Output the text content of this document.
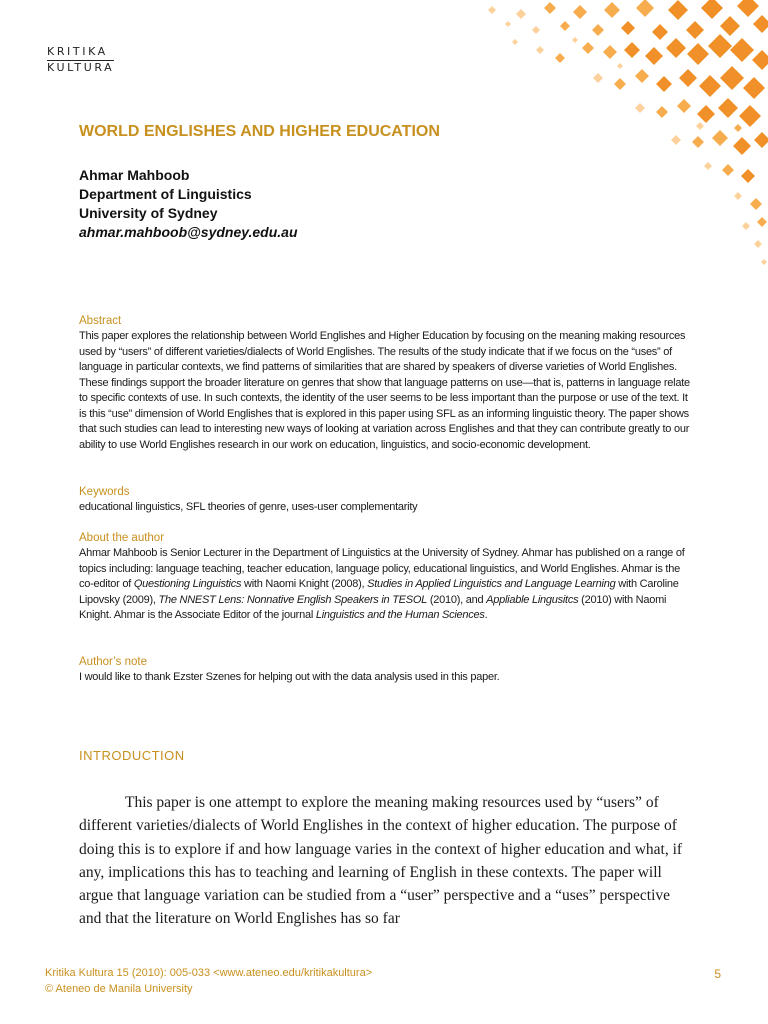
KRITIKA
KULTURA
WORLD ENGLISHES AND HIGHER EDUCATION
Ahmar Mahboob
Department of Linguistics
University of Sydney
ahmar.mahboob@sydney.edu.au
Abstract
This paper explores the relationship between World Englishes and Higher Education by focusing on the meaning making resources used by “users” of different varieties/dialects of World Englishes. The results of the study indicate that if we focus on the “uses” of language in particular contexts, we find patterns of similarities that are shared by speakers of diverse varieties of World Englishes. These findings support the broader literature on genres that show that language patterns on use—that is, patterns in language relate to specific contexts of use. In such contexts, the identity of the user seems to be less important than the purpose or use of the text. It is this “use” dimension of World Englishes that is explored in this paper using SFL as an informing linguistic theory. The paper shows that such studies can lead to interesting new ways of looking at variation across Englishes and that they can contribute greatly to our ability to use World Englishes research in our work on education, linguistics, and socio-economic development.
Keywords
educational linguistics, SFL theories of genre, uses-user complementarity
About the author
Ahmar Mahboob is Senior Lecturer in the Department of Linguistics at the University of Sydney. Ahmar has published on a range of topics including: language teaching, teacher education, language policy, educational linguistics, and World Englishes. Ahmar is the co-editor of Questioning Linguistics with Naomi Knight (2008), Studies in Applied Linguistics and Language Learning with Caroline Lipovsky (2009), The NNEST Lens: Nonnative English Speakers in TESOL (2010), and Appliable Lingusitcs (2010) with Naomi Knight. Ahmar is the Associate Editor of the journal Linguistics and the Human Sciences.
Author’s note
I would like to thank Ezster Szenes for helping out with the data analysis used in this paper.
INTRODUCTION

This paper is one attempt to explore the meaning making resources used by “users” of different varieties/dialects of World Englishes in the context of higher education. The purpose of doing this is to explore if and how language varies in the context of higher education and what, if any, implications this has to teaching and learning of English in these contexts. The paper will argue that language variation can be studied from a “user” perspective and a “uses” perspective and that the literature on World Englishes has so far

Kritika Kultura 15 (2010): 005-033 <www.ateneo.edu/kritikakultura>
© Ateneo de Manila University
5
